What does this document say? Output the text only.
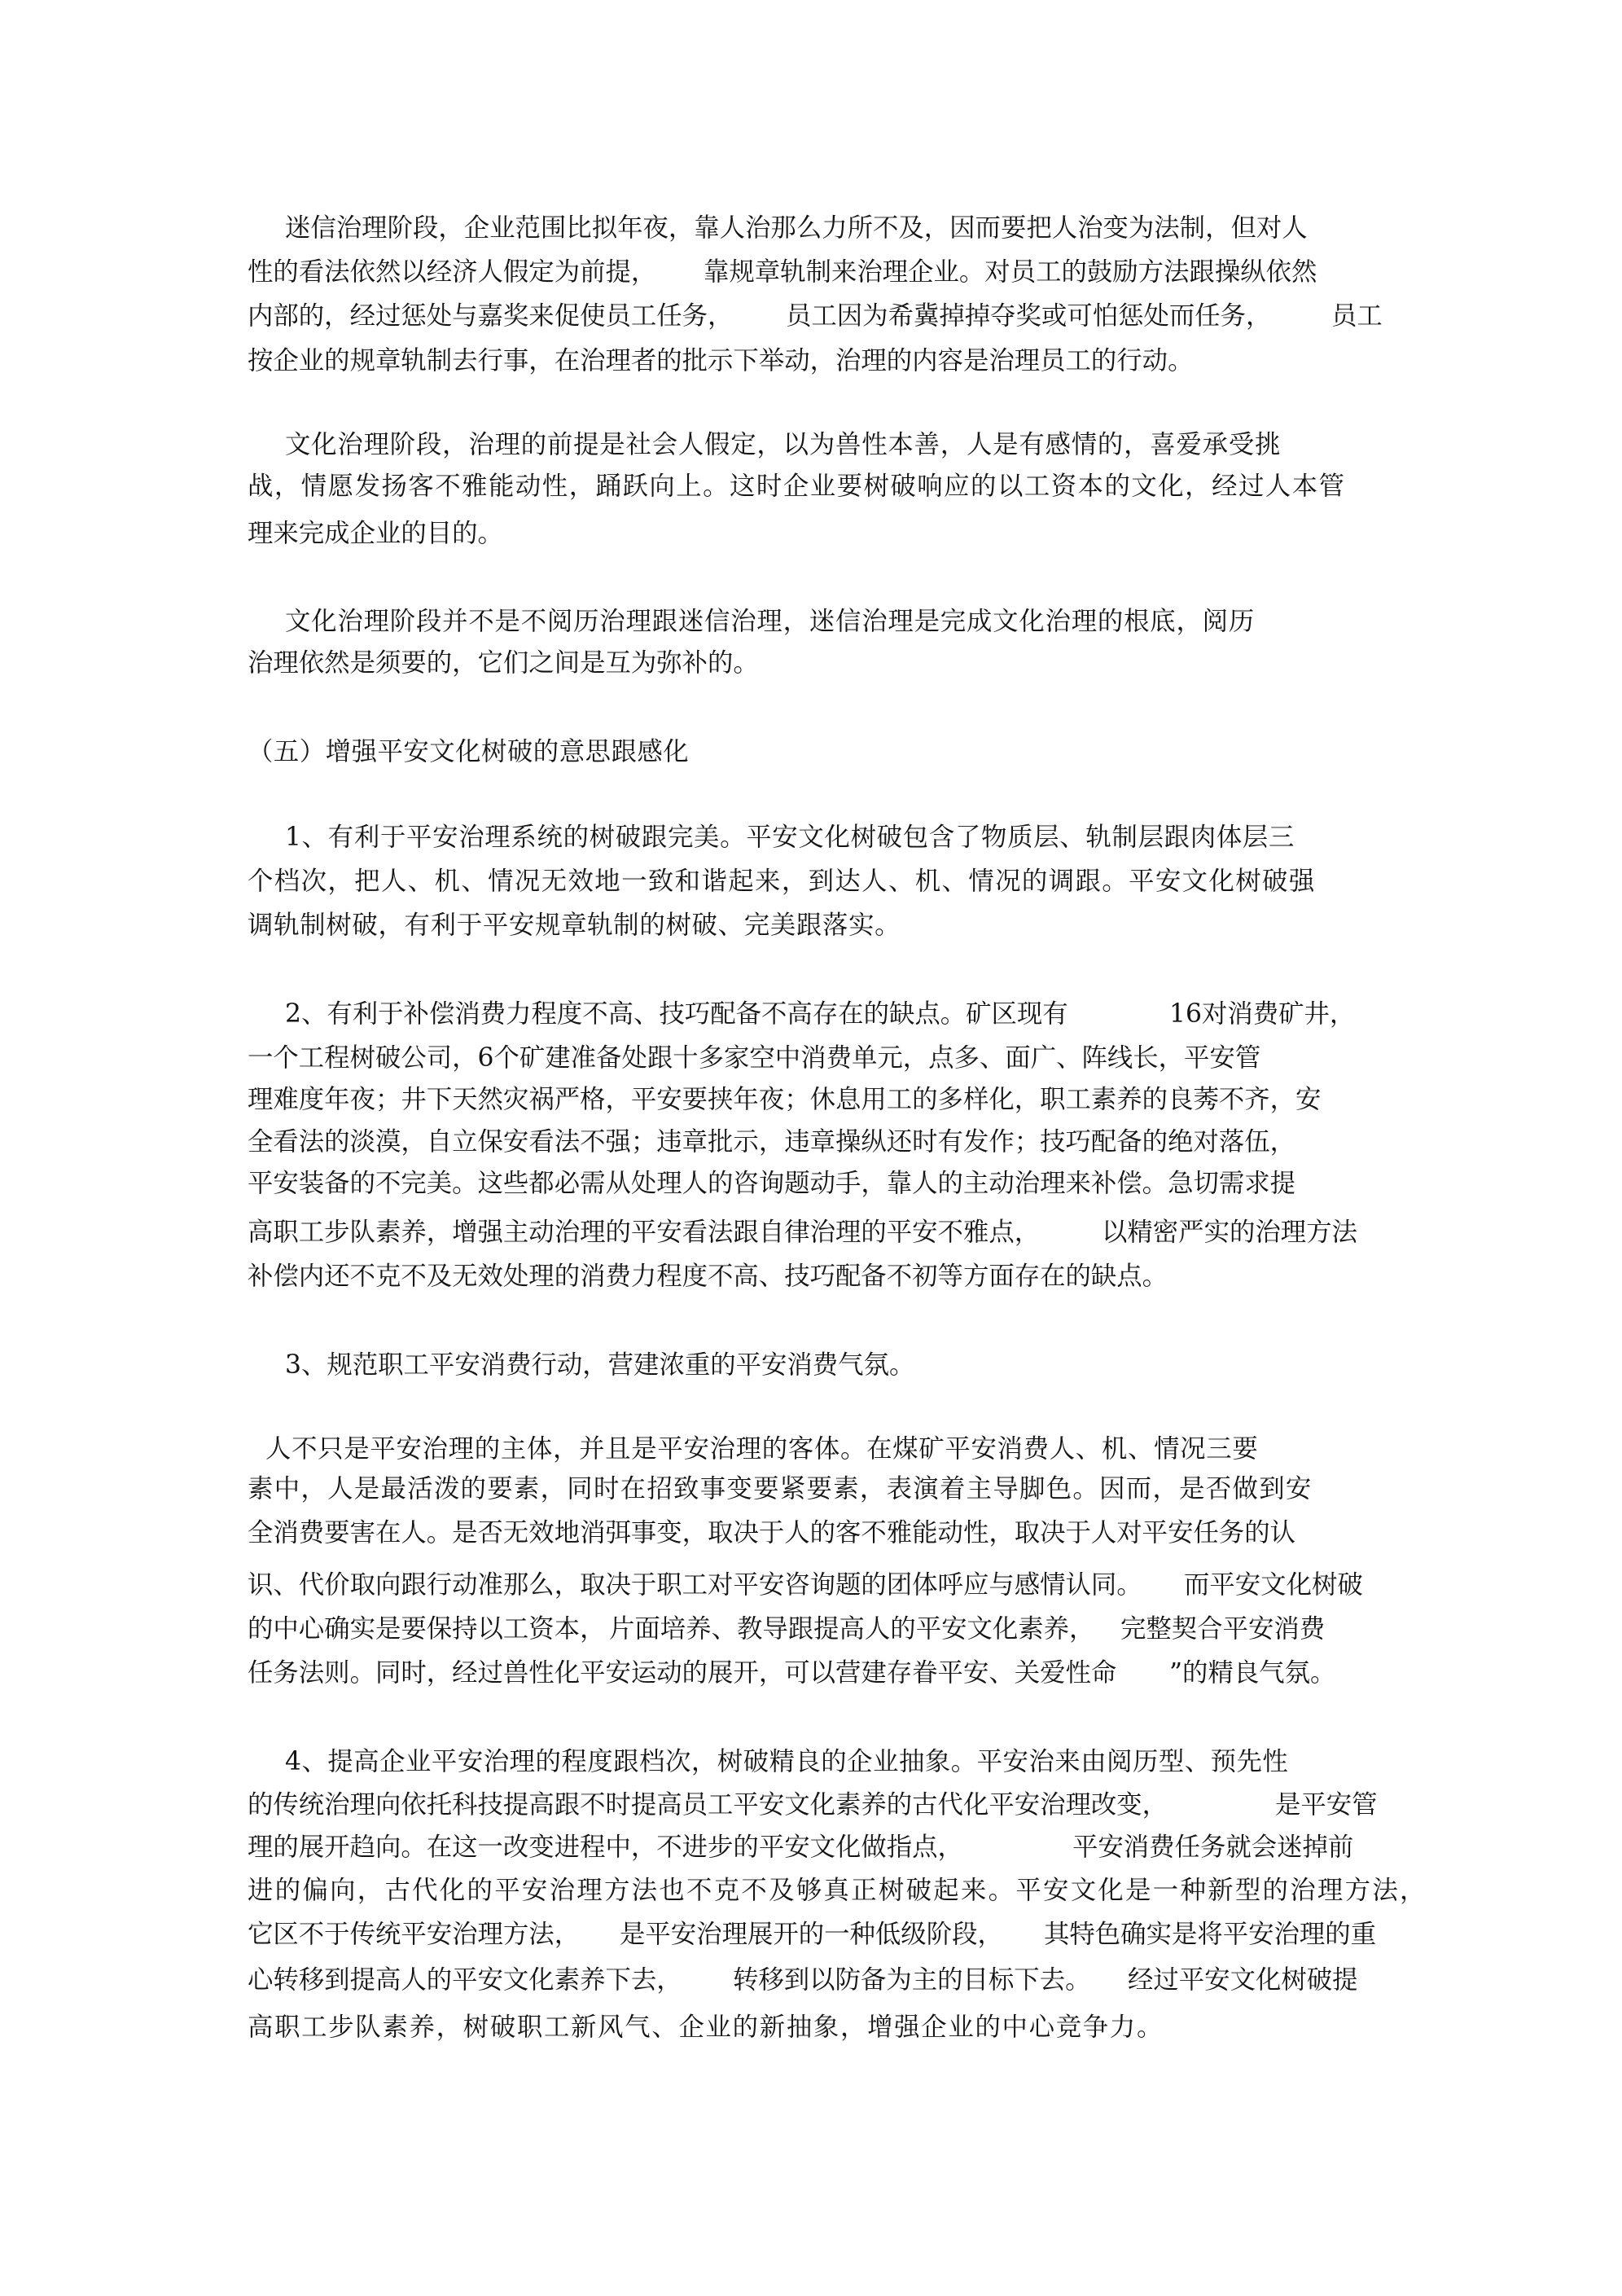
迷信治理阶段，企业范围比拟年夜，靠人治那么力所不及，因而要把人治变为法制，但对人
性的看法依然以经济人假定为前提， 靠规章轨制来治理企业。对员工的鼓励方法跟操纵依然
内部的，经过惩处与嘉奖来促使员工任务， 员工因为希冀掉掉夺奖或可怕惩处而任务， 员工
按企业的规章轨制去行事，在治理者的批示下举动，治理的内容是治理员工的行动。
文化治理阶段，治理的前提是社会人假定，以为兽性本善，人是有感情的，喜爱承受挑
战，情愿发扬客不雅能动性，踊跃向上。这时企业要树破响应的以工资本的文化，经过人本管
理来完成企业的目的。
文化治理阶段并不是不阅历治理跟迷信治理，迷信治理是完成文化治理的根底，阅历
治理依然是须要的，它们之间是互为弥补的。
（五）增强平安文化树破的意思跟感化
1、有利于平安治理系统的树破跟完美。平安文化树破包含了物质层、轨制层跟肉体层三
个档次，把人、机、情况无效地一致和谐起来，到达人、机、情况的调跟。平安文化树破强
调轨制树破，有利于平安规章轨制的树破、完美跟落实。
2、有利于补偿消费力程度不高、技巧配备不高存在的缺点。矿区现有	16对消费矿井，
一个工程树破公司，6个矿建准备处跟十多家空中消费单元，点多、面广、阵线长，平安管
理难度年夜；井下天然灾祸严格，平安要挟年夜；休息用工的多样化，职工素养的良莠不齐，安
全看法的淡漠，自立保安看法不强；违章批示，违章操纵还时有发作；技巧配备的绝对落伍，
平安装备的不完美。这些都必需从处理人的咨询题动手，靠人的主动治理来补偿。急切需求提
高职工步队素养，增强主动治理的平安看法跟自律治理的平安不雅点， 以精密严实的治理方法
补偿内还不克不及无效处理的消费力程度不高、技巧配备不初等方面存在的缺点。
3、规范职工平安消费行动，营建浓重的平安消费气氛。
人不只是平安治理的主体，并且是平安治理的客体。在煤矿平安消费人、机、情况三要
素中，人是最活泼的要素，同时在招致事变要紧要素，表演着主导脚色。因而，是否做到安
全消费要害在人。是否无效地消弭事变，取决于人的客不雅能动性，取决于人对平安任务的认
识、代价取向跟行动准那么，取决于职工对平安咨询题的团体呼应与感情认同。 而平安文化树破
的中心确实是要保持以工资本， 片面培养、教导跟提高人的平安文化素养， 完整契合平安消费
任务法则。同时，经过兽性化平安运动的展开，可以营建存眷平安、关爱性命 ”的精良气氛。
4、提高企业平安治理的程度跟档次，树破精良的企业抽象。平安治来由阅历型、预先性
的传统治理向依托科技提高跟不时提高员工平安文化素养的古代化平安治理改变，	是平安管
理的展开趋向。在这一改变进程中，不进步的平安文化做指点，	平安消费任务就会迷掉前
进的偏向，古代化的平安治理方法也不克不及够真正树破起来。平安文化是一种新型的治理方法，
它区不于传统平安治理方法， 是平安治理展开的一种低级阶段， 其特色确实是将平安治理的重
心转移到提高人的平安文化素养下去， 转移到以防备为主的目标下去。 经过平安文化树破提
高职工步队素养，树破职工新风气、企业的新抽象，增强企业的中心竞争力。
